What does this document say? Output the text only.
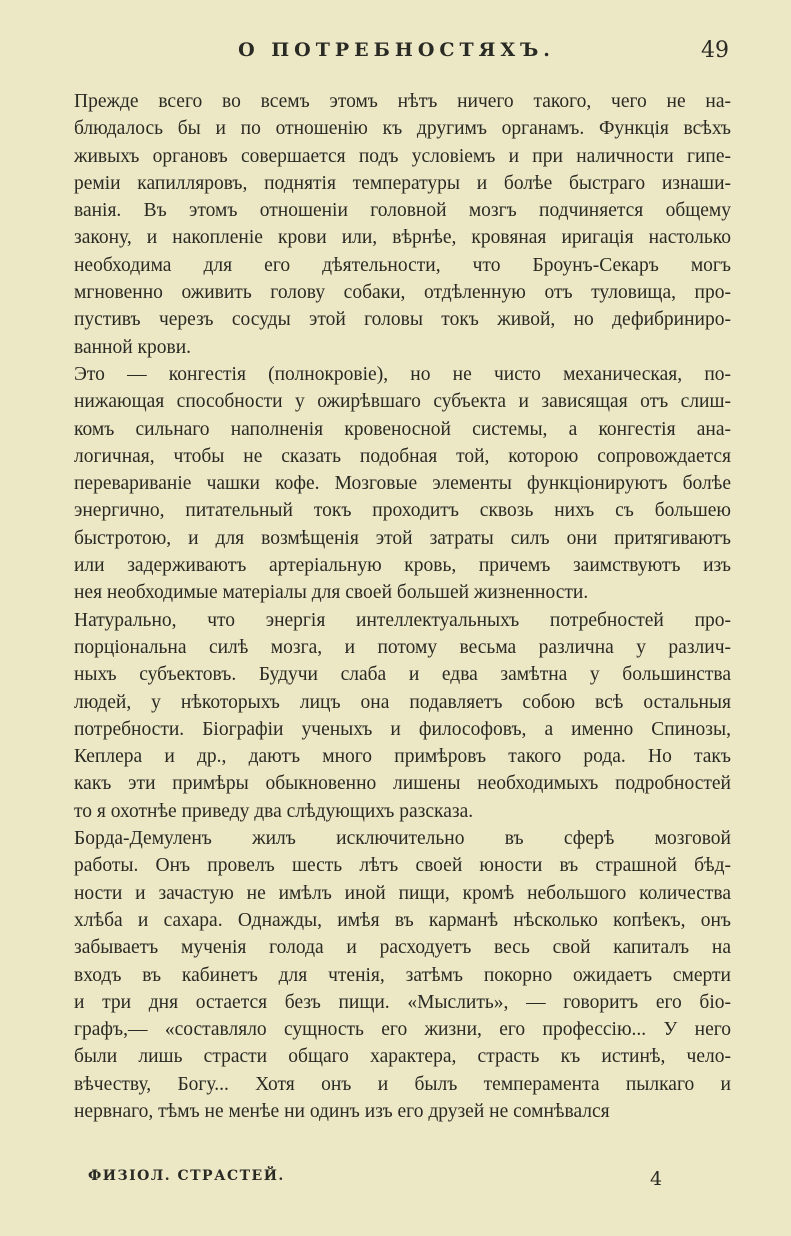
О ПОТРЕБНОСТЯХЪ.	49
Прежде всего во всемъ этомъ нѣтъ ничего такого, чего не на-
блюдалось бы и по отношенію къ другимъ органамъ. Функція всѣхъ
живыхъ органовъ совершается подъ условіемъ и при наличности гипе-
реміи капилляровъ, поднятія температуры и болѣе быстраго изнаши-
ванія. Въ этомъ отношеніи головной мозгъ подчиняется общему
закону, и накопленіе крови или, вѣрнѣе, кровяная иригація настолько
необходима для его дѣятельности, что Броунъ-Секаръ могъ
мгновенно оживить голову собаки, отдѣленную отъ туловища, про-
пустивъ черезъ сосуды этой головы токъ живой, но дефибриниро-
ванной крови.
Это — конгестія (полнокровіе), но не чисто механическая, по-
нижающая способности у ожирѣвшаго субъекта и зависящая отъ слиш-
комъ сильнаго наполненія кровеносной системы, а конгестія ана-
логичная, чтобы не сказать подобная той, которою сопровождается
перевариваніе чашки кофе. Мозговые элементы функціонируютъ болѣе
энергично, питательный токъ проходитъ сквозь нихъ съ большею
быстротою, и для возмѣщенія этой затраты силъ они притягиваютъ
или задерживаютъ артеріальную кровь, причемъ заимствуютъ изъ
нея необходимые матеріалы для своей большей жизненности.
Натурально, что энергія интеллектуальныхъ потребностей про-
порціональна силѣ мозга, и потому весьма различна у различ-
ныхъ субъектовъ. Будучи слаба и едва замѣтна у большинства
людей, у нѣкоторыхъ лицъ она подавляетъ собою всѣ остальныя
потребности. Біографіи ученыхъ и философовъ, а именно Спинозы,
Кеплера и др., даютъ много примѣровъ такого рода. Но такъ
какъ эти примѣры обыкновенно лишены необходимыхъ подробностей
то я охотнѣе приведу два слѣдующихъ разсказа.
Борда-Демуленъ жилъ исключительно въ сферѣ мозговой
работы. Онъ провелъ шесть лѣтъ своей юности въ страшной бѣд-
ности и зачастую не имѣлъ иной пищи, кромѣ небольшого количества
хлѣба и сахара. Однажды, имѣя въ карманѣ нѣсколько копѣекъ, онъ
забываетъ мученія голода и расходуетъ весь свой капиталъ на
входъ въ кабинетъ для чтенія, затѣмъ покорно ожидаетъ смерти
и три дня остается безъ пищи. «Мыслить», — говоритъ его біо-
графъ,— «составляло сущность его жизни, его профессію... У него
были лишь страсти общаго характера, страсть къ истинѣ, чело-
вѣчеству, Богу... Хотя онъ и былъ темперамента пылкаго и
нервнаго, тѣмъ не менѣе ни одинъ изъ его друзей не сомнѣвался
ФИЗІОЛ. СТРАСТЕЙ.	4
